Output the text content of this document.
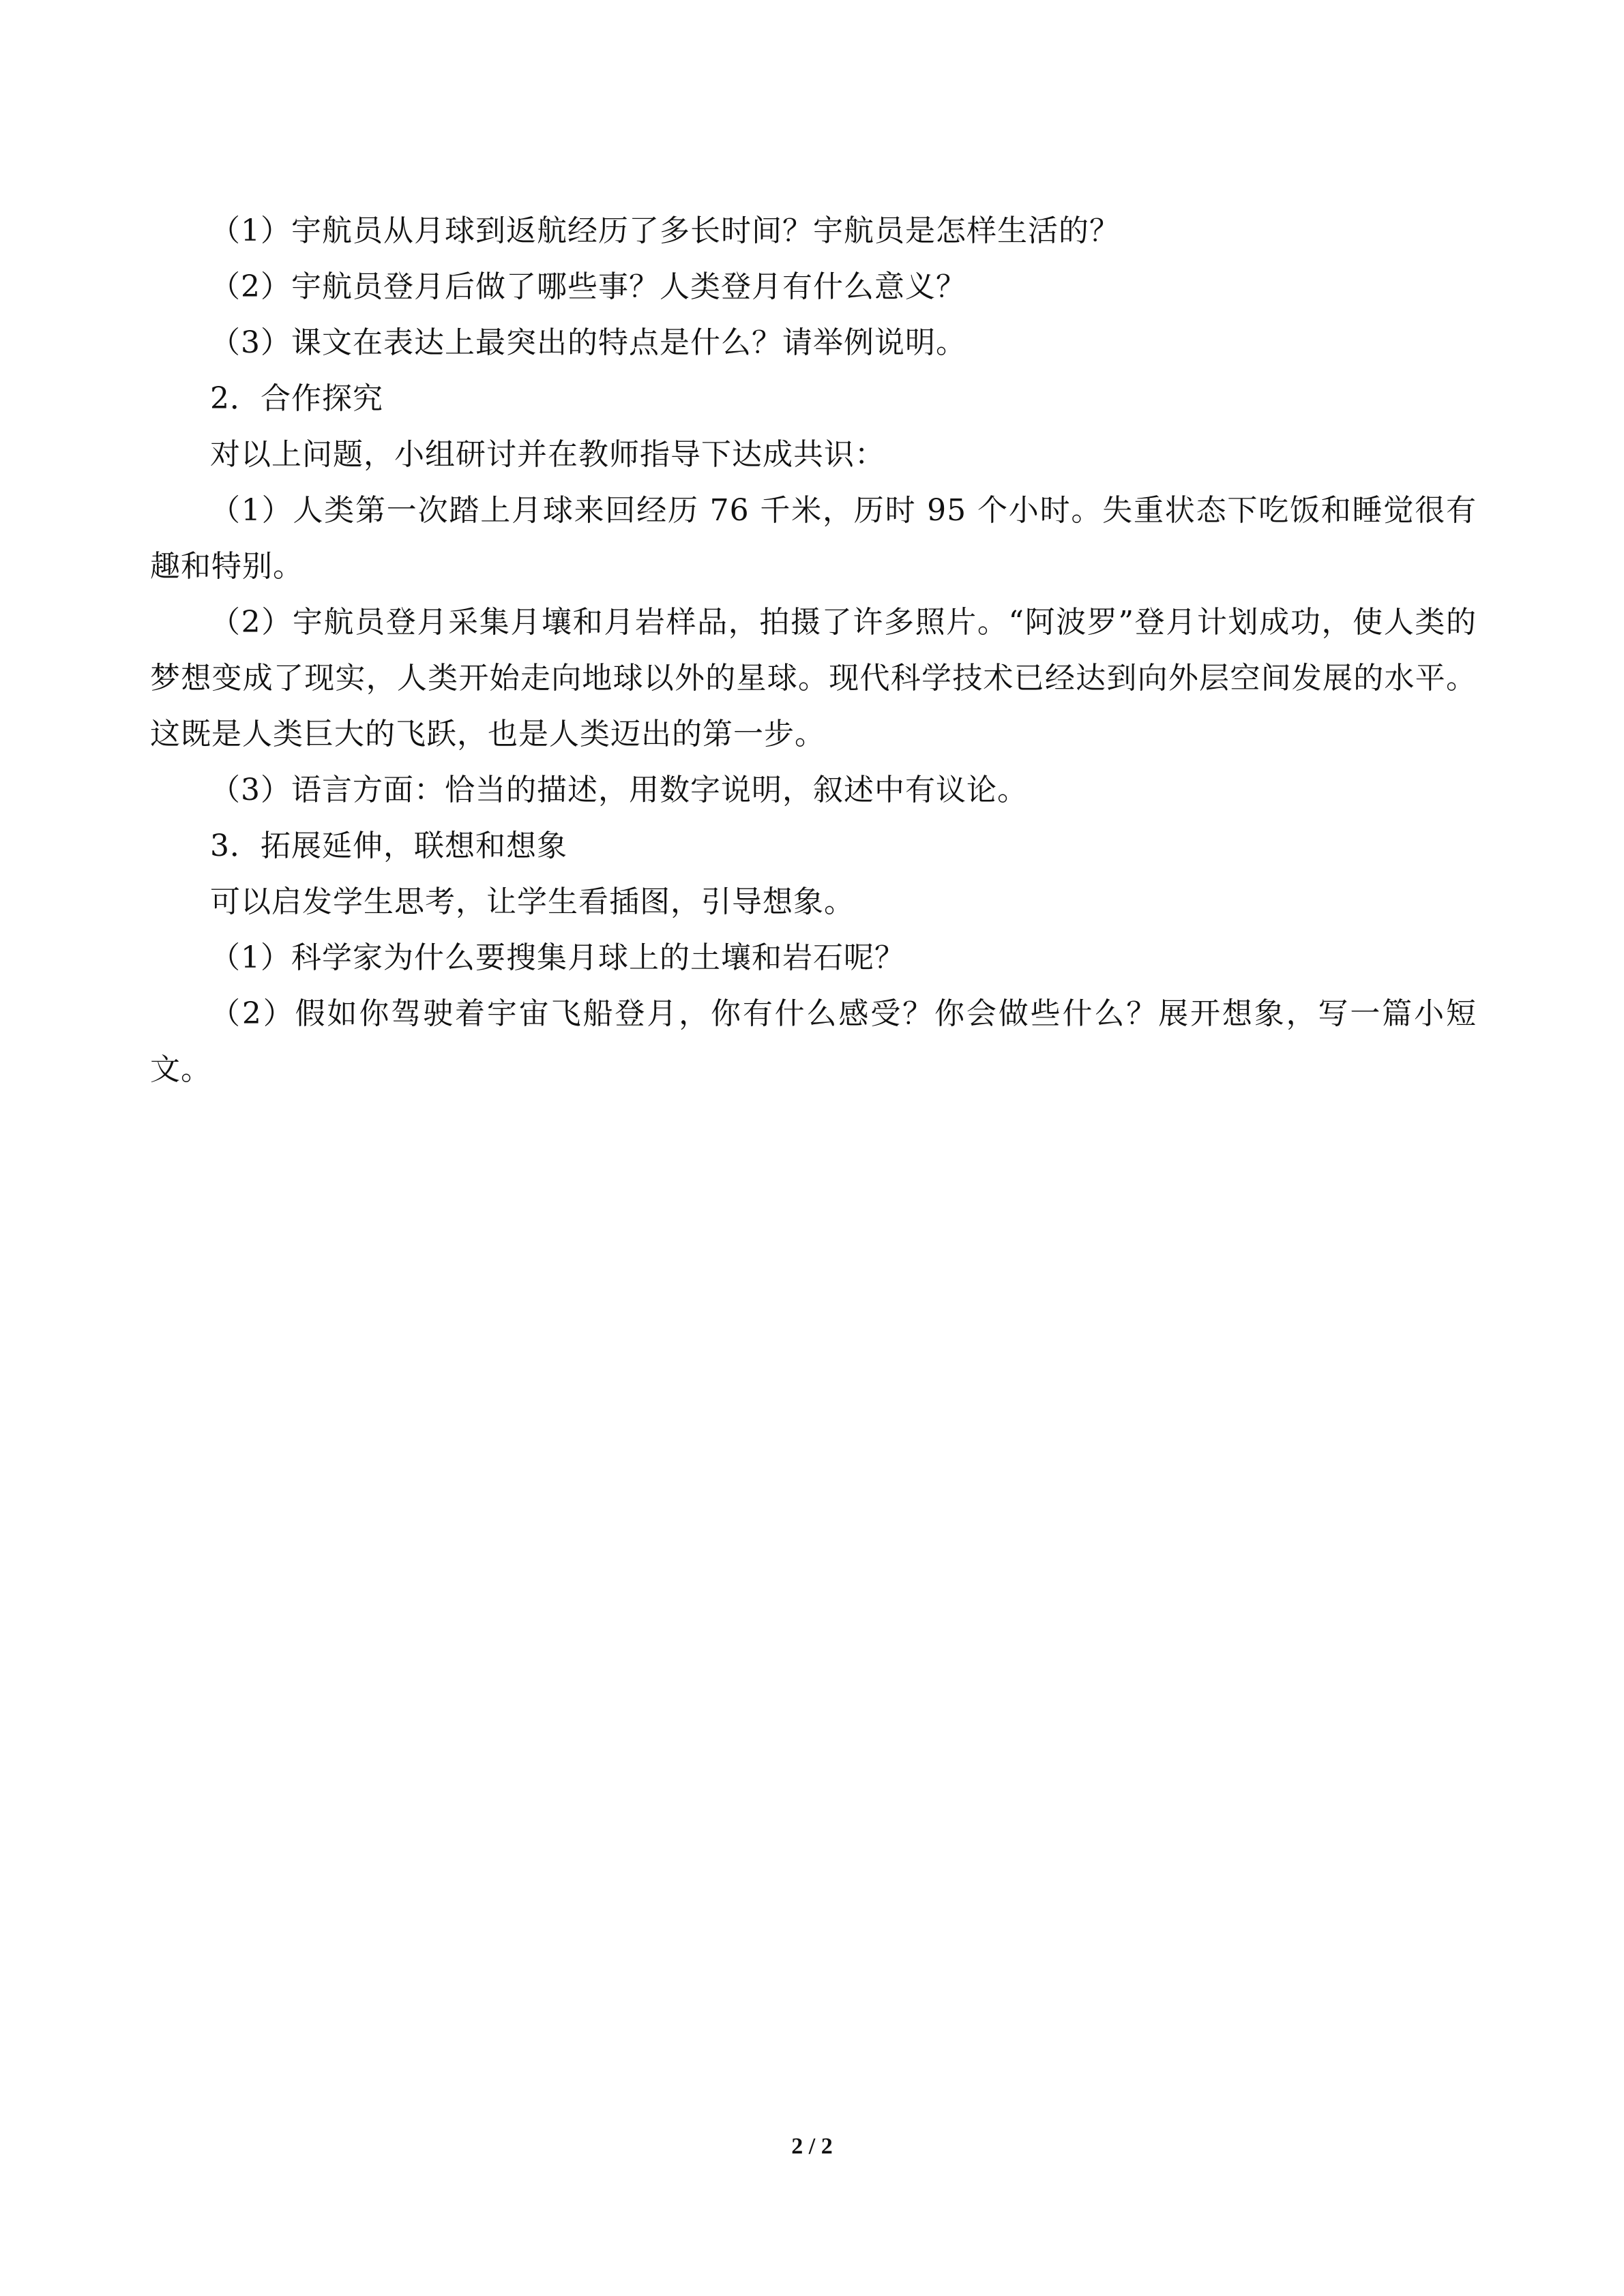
（1）宇航员从月球到返航经历了多长时间？宇航员是怎样生活的？

（2）宇航员登月后做了哪些事？人类登月有什么意义？

（3）课文在表达上最突出的特点是什么？请举例说明。

2．合作探究

对以上问题，小组研讨并在教师指导下达成共识：

（1）人类第一次踏上月球来回经历 76 千米，历时 95 个小时。失重状态下吃饭和睡觉很有趣和特别。

（2）宇航员登月采集月壤和月岩样品，拍摄了许多照片。“阿波罗”登月计划成功，使人类的梦想变成了现实，人类开始走向地球以外的星球。现代科学技术已经达到向外层空间发展的水平。这既是人类巨大的飞跃，也是人类迈出的第一步。

（3）语言方面：恰当的描述，用数字说明，叙述中有议论。

3．拓展延伸，联想和想象

可以启发学生思考，让学生看插图，引导想象。

（1）科学家为什么要搜集月球上的土壤和岩石呢？

（2）假如你驾驶着宇宙飞船登月，你有什么感受？你会做些什么？展开想象，写一篇小短文。

2 / 2
